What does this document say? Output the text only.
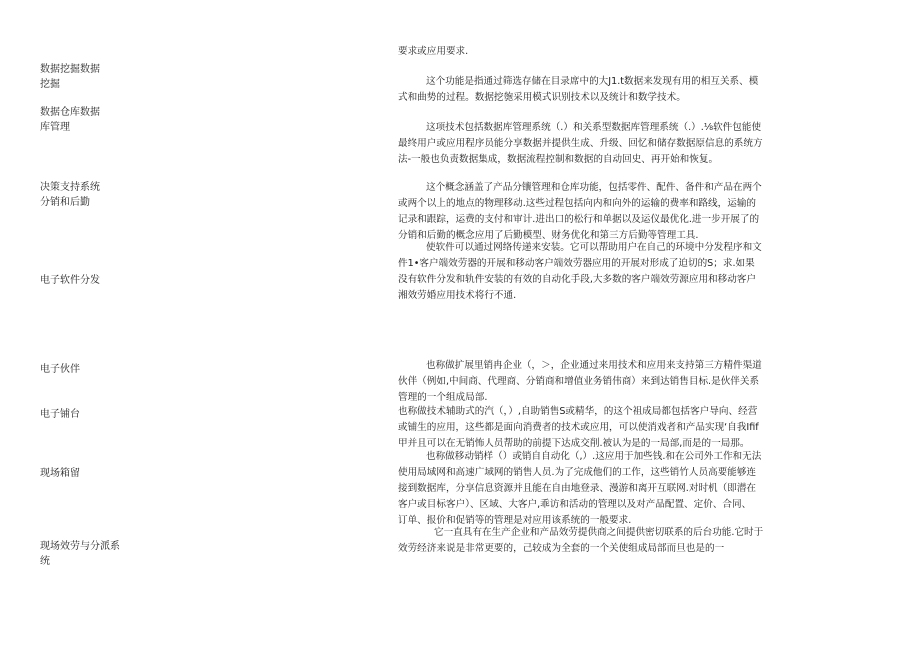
数据挖掘数据
挖掘
数据仓库数据
库管理
决策支持系统
分销和后勤
电子软件分发
电子伙伴
电子铺台
现场箱留
现场效劳与分派系
统
要求或应用要求.
这个功能是指通过筛选存储在目录席中的大J1.t数据来发现有用的相互关系、模
式和曲势的过程。数据挖匏采用模式识别技术以及统计和数学技术。
这项技术包括数据库管理系统（.）和关系型数据库管理系统（.）.⅛软件包能使
最终用户或应用程序员能分享数据并提供生成、升级、回忆和储存数据原信息的系统方
法-一般也负责数据集成，数据流程控制和数据的自动回史、再开始和恢复。
这个概念涵盖了产品分镶管理和仓库功能，包括零件、配件、备件和产品在两个
或两个以上的地点的物理移动.这些过程包括向内和向外的运输的费率和路线，运输的
记录和跟踪，运费的支付和审计.进出口的松行和单据以及运仪最优化.进一步开展了的
分销和后勤的概念应用了后勤模型、财务优化和第三方后勤等管理工具.
使软件可以通过网络传递来安装。它可以帮助用户在自己的环境中分发程序和文
件1•客户端效劳器的开展和移动客户端效劳器应用的开展对形成了迫切的S；求.如果
没有软件分发和轨件安装的有效的自动化手段,大多数的客户端效劳源应用和移动客户
湘效劳婚应用技术将行不通.
也称做扩展里销冉企业（，＞，企业通过来用技术和应用来支持第三方精件渠道
伙伴（例如,中间商、代理商、分销商和增值业务销伟商）来到达销售目标.是伙伴关系
管理的一个组成局部.
也称做技术辅助式的汽（，）,自助销售S或精华，的这个祖成局都包括客户导向、经营
或铺生的应用，这些都是面向消费者的技术或应用，可以使消戏者和产品实现‘自我Ifif
甲并且可以在无销怖人员帮助的前提下达成交削.被认为是的一局部,而是的一局那。
也称做移动销样（）或销自自动化（,）.这应用于加些钱.和在公司外工作和无法
使用局域网和高速广域网的销售人员.为了完成他们的工作，这些销竹人员高要能够连
接到数据库，分享信息资源并且能在自由地登录、漫游和离开互联网.对时机（即潜在
客户或目标客户）、区域、大客户,乖访和活动的管理以及对产品配置、定价、合同、
订单、报价和促销等的管理是对应用该系统的一般要求.
它一直具有在生产企业和产品效劳提供商之间提供密切联系的后台功能.它时于
效劳经济来说是非常更要的，己较成为全套的一个关使组成局部而旦也是的一
